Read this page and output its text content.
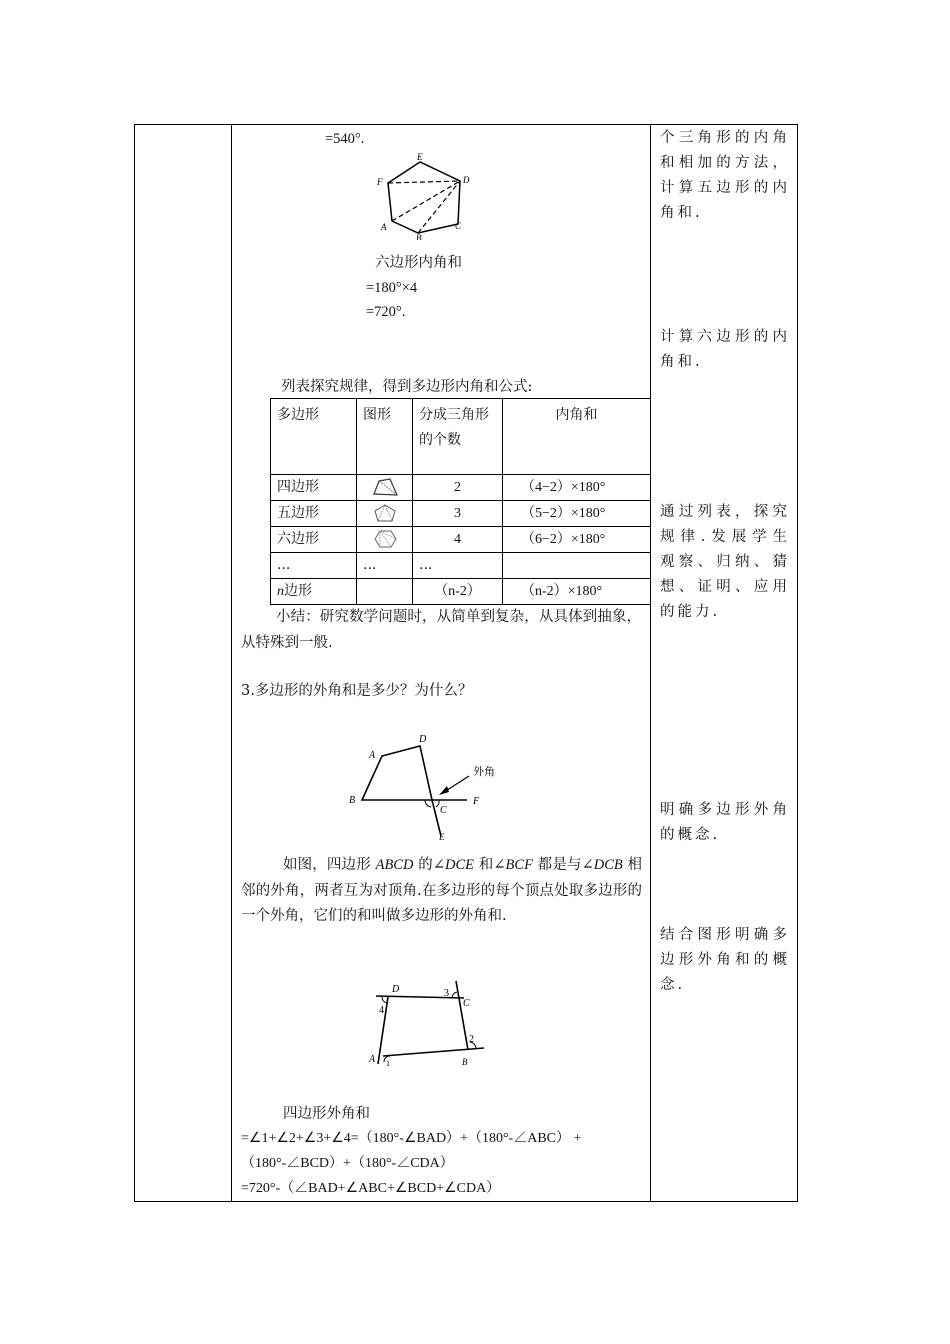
=540°.
E
D
C
B
A
F
六边形内角和
=180°×4
=720°.
列表探究规律，得到多边形内角和公式:
多边形	图形	分成三角形的个数	内角和
四边形		2	（4−2）×180°
五边形		3	（5−2）×180°
六边形		4	（6−2）×180°
...	...	...	
n边形		（n-2）	（n-2）×180°
小结：研究数学问题时，从简单到复杂，从具体到抽象，从特殊到一般.
3.多边形的外角和是多少？为什么？
A
D
B
C
F
E
外角
如图，四边形 ABCD 的∠DCE 和∠BCF 都是与∠DCB 相邻的外角，两者互为对顶角.在多边形的每个顶点处取多边形的一个外角，它们的和叫做多边形的外角和.
D	3
C
4
2
A 1	B
四边形外角和
=∠1+∠2+∠3+∠4=（180°-∠BAD）+（180°-∠ABC） +
（180°-∠BCD）+（180°-∠CDA）
=720°-（∠BAD+∠ABC+∠BCD+∠CDA）
个三角形的内角和相加的方法，计算五边形的内角和.
计算六边形的内角和.
通过列表，探究规律.发展学生观察、归纳、猜想、证明、应用的能力.
明确多边形外角的概念.
结合图形明确多边形外角和的概念.
